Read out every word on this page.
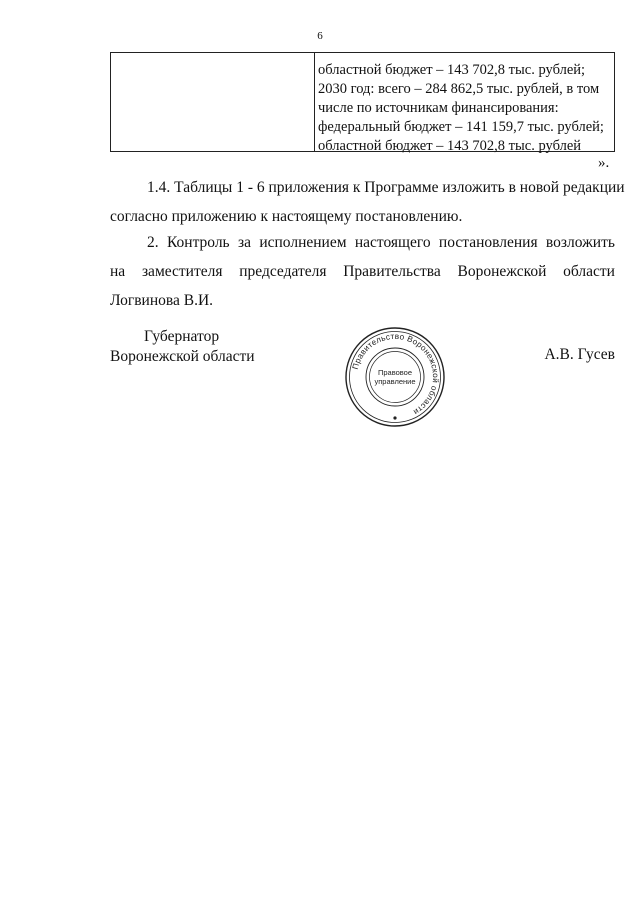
6
областной бюджет – 143 702,8 тыс. рублей;
2030 год: всего – 284 862,5 тыс. рублей, в том
числе по источникам финансирования:
федеральный бюджет – 141 159,7 тыс. рублей;
областной бюджет – 143 702,8 тыс. рублей
».
1.4. Таблицы 1 - 6 приложения к Программе изложить в новой редакции
согласно приложению к настоящему постановлению.
2. Контроль за исполнением настоящего постановления возложить
на заместителя председателя Правительства Воронежской области
Логвинова В.И.
Губернатор
Воронежской области
Правительство Воронежской области
Правовое
управление
А.В. Гусев
